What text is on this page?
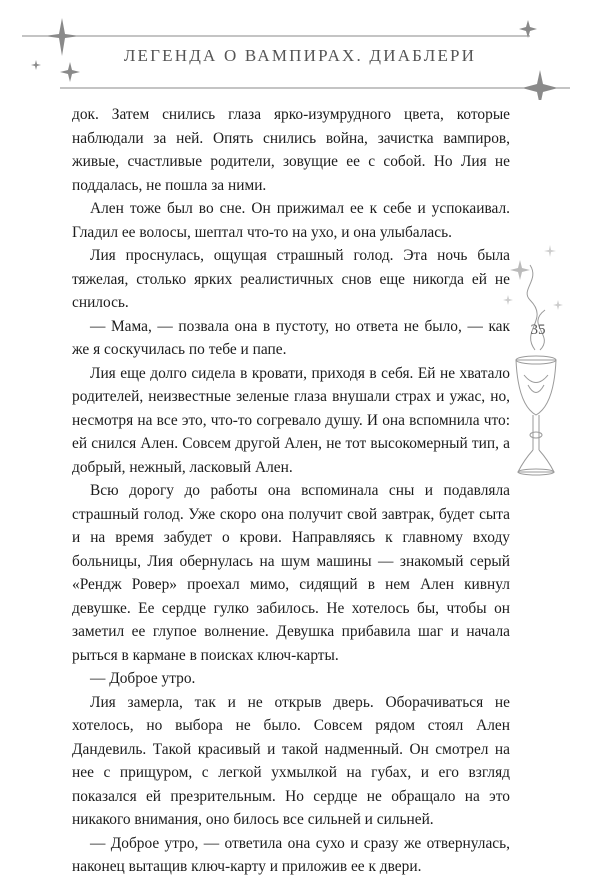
ЛЕГЕНДА О ВАМПИРАХ. ДИАБЛЕРИ
35

док. Затем снились глаза ярко-изумрудного цвета, которые наблюдали за ней. Опять снились война, зачистка вампиров, живые, счастливые родители, зовущие ее с собой. Но Лия не поддалась, не пошла за ними.

Ален тоже был во сне. Он прижимал ее к себе и успокаивал. Гладил ее волосы, шептал что-то на ухо, и она улыбалась.

Лия проснулась, ощущая страшный голод. Эта ночь была тяжелая, столько ярких реалистичных снов еще никогда ей не снилось.

— Мама, — позвала она в пустоту, но ответа не было, — как же я соскучилась по тебе и папе.

Лия еще долго сидела в кровати, приходя в себя. Ей не хватало родителей, неизвестные зеленые глаза внушали страх и ужас, но, несмотря на все это, что-то согревало душу. И она вспомнила что: ей снился Ален. Совсем другой Ален, не тот высокомерный тип, а добрый, нежный, ласковый Ален.

Всю дорогу до работы она вспоминала сны и подавляла страшный голод. Уже скоро она получит свой завтрак, будет сыта и на время забудет о крови. Направляясь к главному входу больницы, Лия обернулась на шум машины — знакомый серый «Рендж Ровер» проехал мимо, сидящий в нем Ален кивнул девушке. Ее сердце гулко забилось. Не хотелось бы, чтобы он заметил ее глупое волнение. Девушка прибавила шаг и начала рыться в кармане в поисках ключ-карты.

— Доброе утро.

Лия замерла, так и не открыв дверь. Оборачиваться не хотелось, но выбора не было. Совсем рядом стоял Ален Дандевиль. Такой красивый и такой надменный. Он смотрел на нее с прищуром, с легкой ухмылкой на губах, и его взгляд показался ей презрительным. Но сердце не обращало на это никакого внимания, оно билось все сильней и сильней.

— Доброе утро, — ответила она сухо и сразу же отвернулась, наконец вытащив ключ-карту и приложив ее к двери.
